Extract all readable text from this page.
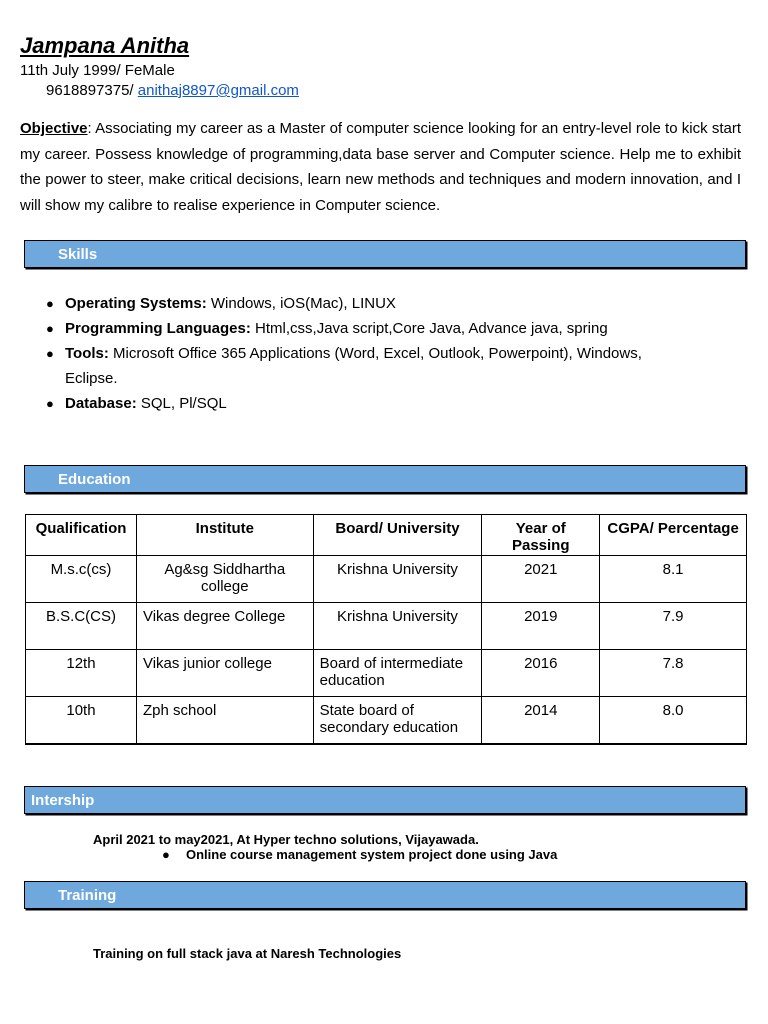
Jampana Anitha
11th July 1999/ FeMale
9618897375/ anithaj8897@gmail.com

Objective: Associating my career as a Master of computer science looking for an entry-level role to kick start my career. Possess knowledge of programming,data base server and Computer science. Help me to exhibit the power to steer, make critical decisions, learn new methods and techniques and modern innovation, and I will show my calibre to realise experience in Computer science.

Skills
● Operating Systems: Windows, iOS(Mac), LINUX
● Programming Languages: Html,css,Java script,Core Java, Advance java, spring
● Tools: Microsoft Office 365 Applications (Word, Excel, Outlook, Powerpoint), Windows, Eclipse.
● Database: SQL, Pl/SQL
Education
Qualification	Institute	Board/ University	Year of Passing	CGPA/ Percentage
M.s.c(cs)	Ag&sg Siddhartha college	Krishna University	2021	8.1
B.S.C(CS)	Vikas degree College	Krishna University	2019	7.9
12th	Vikas junior college	Board of intermediate education	2016	7.8
10th	Zph school	State board of secondary education	2014	8.0
Intership
April 2021 to may2021, At Hyper techno solutions, Vijayawada.
● Online course management system project done using Java
Training
Training on full stack java at Naresh Technologies
